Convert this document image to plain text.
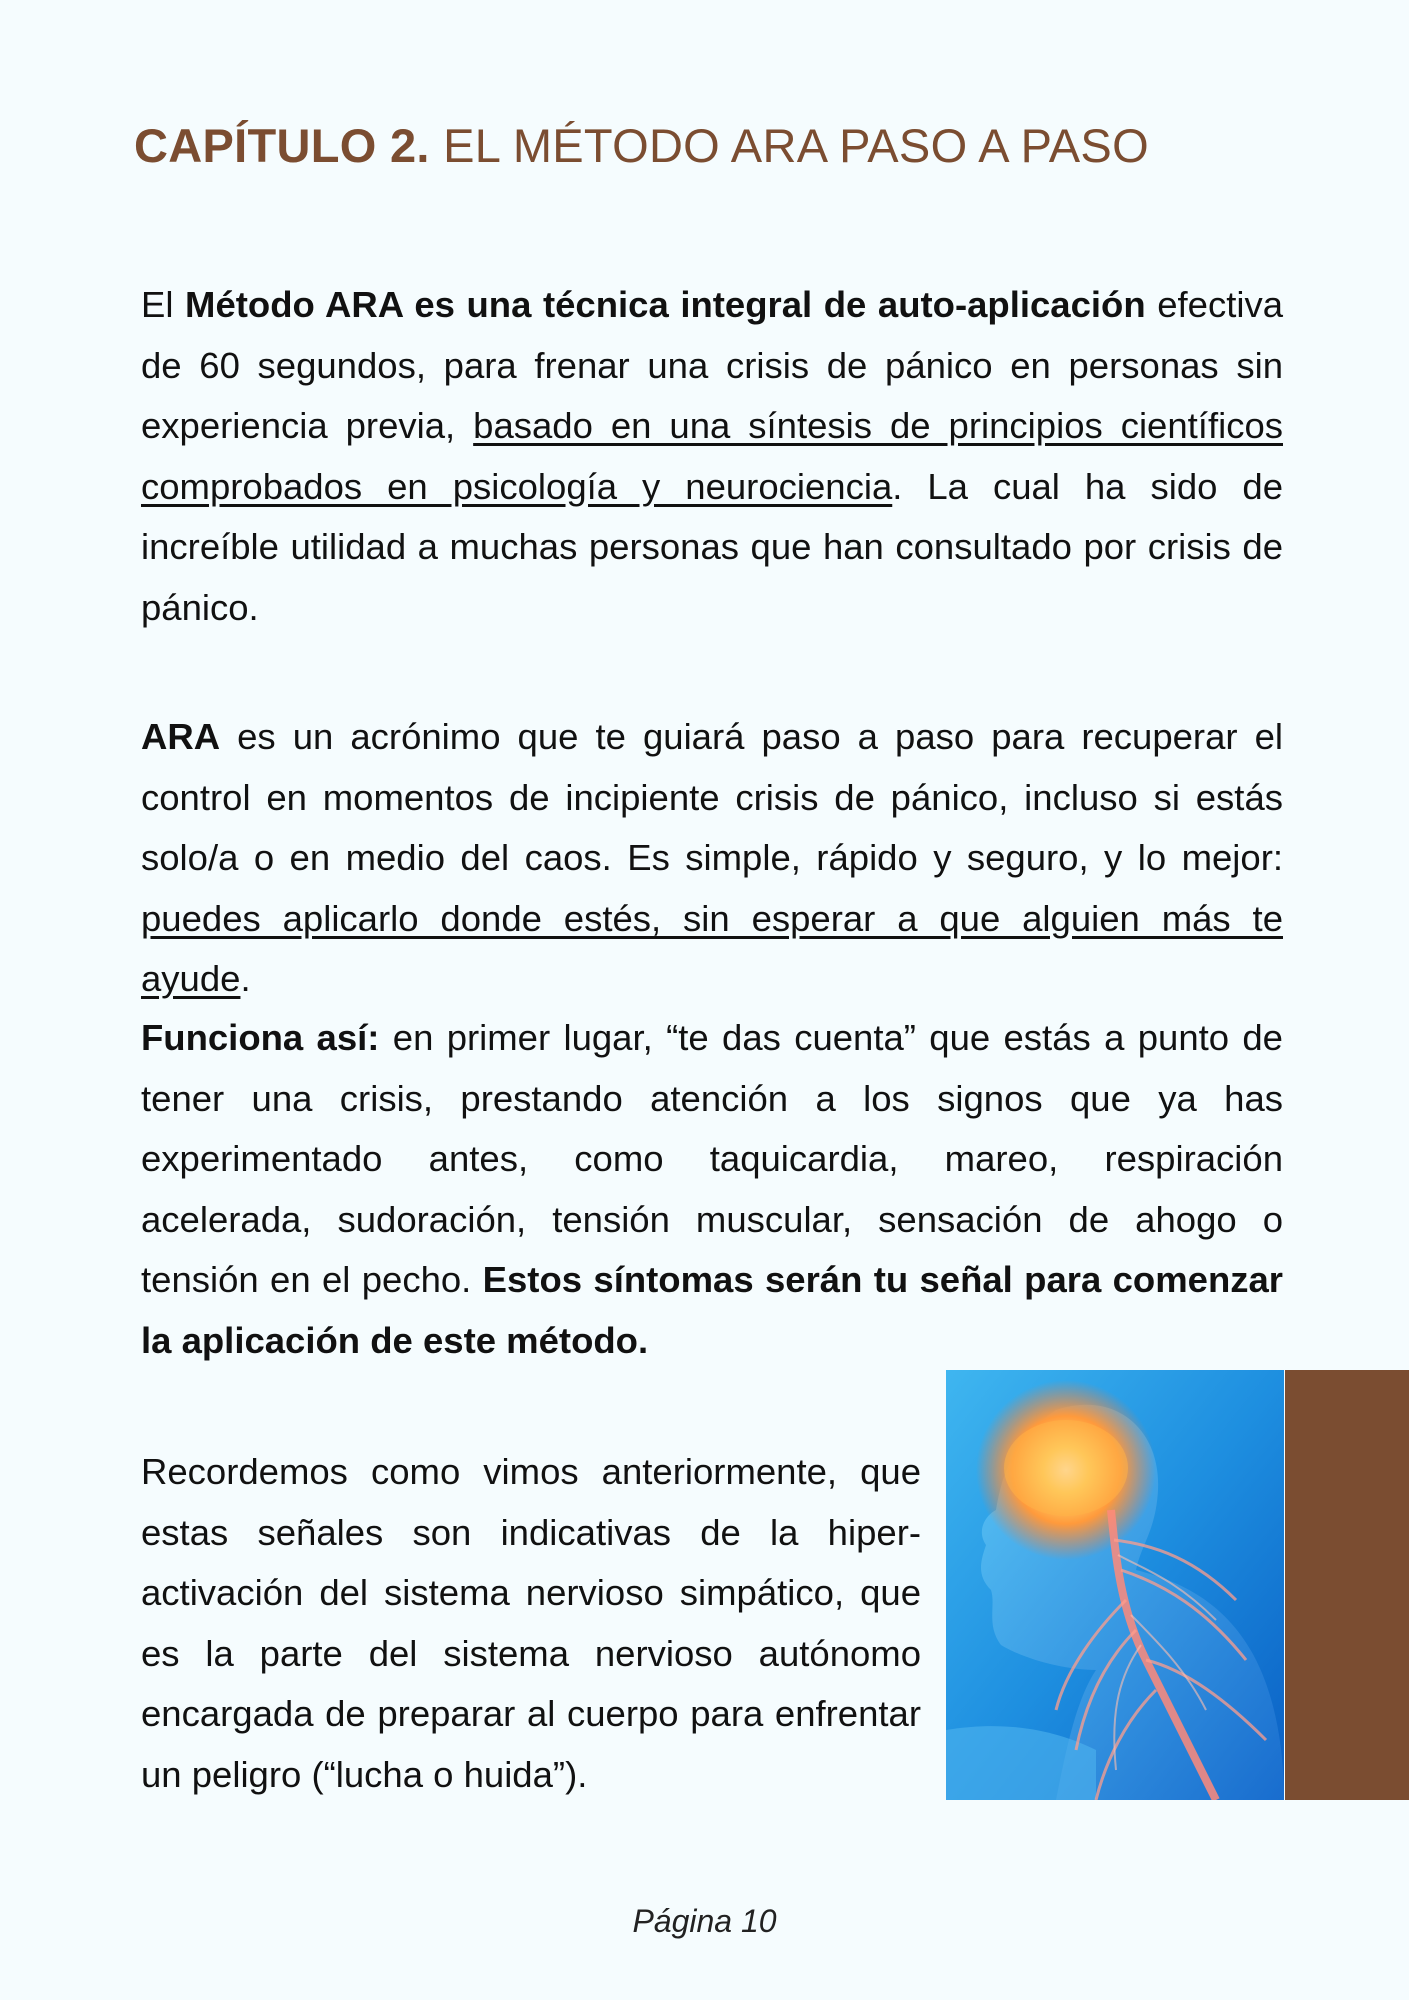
CAPÍTULO 2. EL MÉTODO ARA PASO A PASO

El Método ARA es una técnica integral de auto-aplicación efectiva de 60 segundos, para frenar una crisis de pánico en personas sin experiencia previa, basado en una síntesis de principios científicos comprobados en psicología y neurociencia. La cual ha sido de increíble utilidad a muchas personas que han consultado por crisis de pánico.

ARA es un acrónimo que te guiará paso a paso para recuperar el control en momentos de incipiente crisis de pánico, incluso si estás solo/a o en medio del caos. Es simple, rápido y seguro, y lo mejor: puedes aplicarlo donde estés, sin esperar a que alguien más te ayude.

Funciona así: en primer lugar, “te das cuenta” que estás a punto de tener una crisis, prestando atención a los signos que ya has experimentado antes, como taquicardia, mareo, respiración acelerada, sudoración, tensión muscular, sensación de ahogo o tensión en el pecho. Estos síntomas serán tu señal para comenzar la aplicación de este método.

Recordemos como vimos anteriormente, que estas señales son indicativas de la hiper-activación del sistema nervioso simpático, que es la parte del sistema nervioso autónomo encargada de preparar al cuerpo para enfrentar un peligro (“lucha o huida”).

Página 10
